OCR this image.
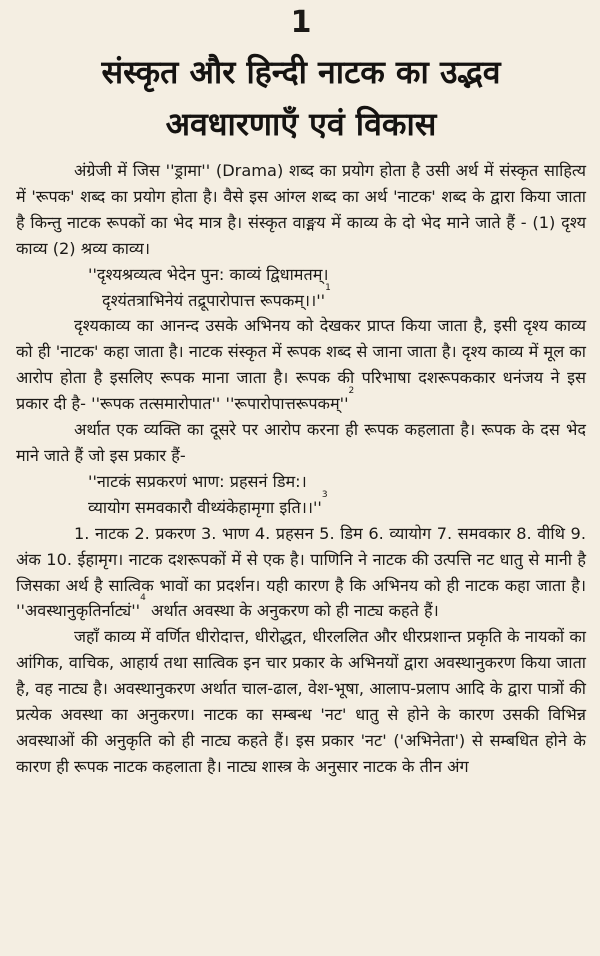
1
संस्कृत और हिन्दी नाटक का उद्भव
अवधारणाएँ एवं विकास
अंग्रेजी में जिस ''ड्रामा'' (Drama) शब्द का प्रयोग होता है उसी अर्थ में संस्कृत साहित्य में 'रूपक' शब्द का प्रयोग होता है। वैसे इस आंग्ल शब्द का अर्थ 'नाटक' शब्द के द्वारा किया जाता है किन्तु नाटक रूपकों का भेद मात्र है। संस्कृत वाङ्मय में काव्य के दो भेद माने जाते हैं - (1) दृश्य काव्य (2) श्रव्य काव्य।
''दृश्यश्रव्यत्व भेदेन पुन: काव्यं द्विधामतम्।
दृश्यंतत्राभिनेयं तद्रूपारोपात्त $रूपकम्।।''^1$
दृश्यकाव्य का आनन्द उसके अभिनय को देखकर प्राप्त किया जाता है, इसी दृश्य काव्य को ही 'नाटक' कहा जाता है। नाटक संस्कृत में रूपक शब्द से जाना जाता है। दृश्य काव्य में मूल का आरोप होता है इसलिए रूपक माना जाता है। रूपक की परिभाषा दशरूपककार धनंजय ने इस प्रकार दी है- ''रूपक तत्समारोपात'' ''$रूपारोपात्तरूपकम्''^2$
अर्थात एक व्यक्ति का दूसरे पर आरोप करना ही रूपक कहलाता है। रूपक के दस भेद माने जाते हैं जो इस प्रकार हैं-
''नाटकं सप्रकरणं भाण: प्रहसनं डिम:।
व्यायोग समवकारौ वीथ्यंकेहामृगा $इति।।''^3$
1. नाटक 2. प्रकरण 3. भाण 4. प्रहसन 5. डिम 6. व्यायोग 7. समवकार 8. वीथि 9. अंक 10. ईहामृग। नाटक दशरूपकों में से एक है। पाणिनि ने नाटक की उत्पत्ति नट धातु से मानी है जिसका अर्थ है सात्विक भावों का प्रदर्शन। यही कारण है कि अभिनय को ही नाटक कहा जाता है। ''$अवस्थानुकृतिर्नाट्यं''^4$ अर्थात अवस्था के अनुकरण को ही नाट्य कहते हैं।
जहाँ काव्य में वर्णित धीरोदात्त, धीरोद्धत, धीरललित और धीरप्रशान्त प्रकृति के नायकों का आंगिक, वाचिक, आहार्य तथा सात्विक इन चार प्रकार के अभिनयों द्वारा अवस्थानुकरण किया जाता है, वह नाट्य है। अवस्थानुकरण अर्थात चाल-ढाल, वेश-भूषा, आलाप-प्रलाप आदि के द्वारा पात्रों की प्रत्येक अवस्था का अनुकरण। नाटक का सम्बन्ध 'नट' धातु से होने के कारण उसकी विभिन्न अवस्थाओं की अनुकृति को ही नाट्य कहते हैं। इस प्रकार 'नट' ('अभिनेता') से सम्बधित होने के कारण ही रूपक नाटक कहलाता है। नाट्य शास्त्र के अनुसार नाटक के तीन अंग
